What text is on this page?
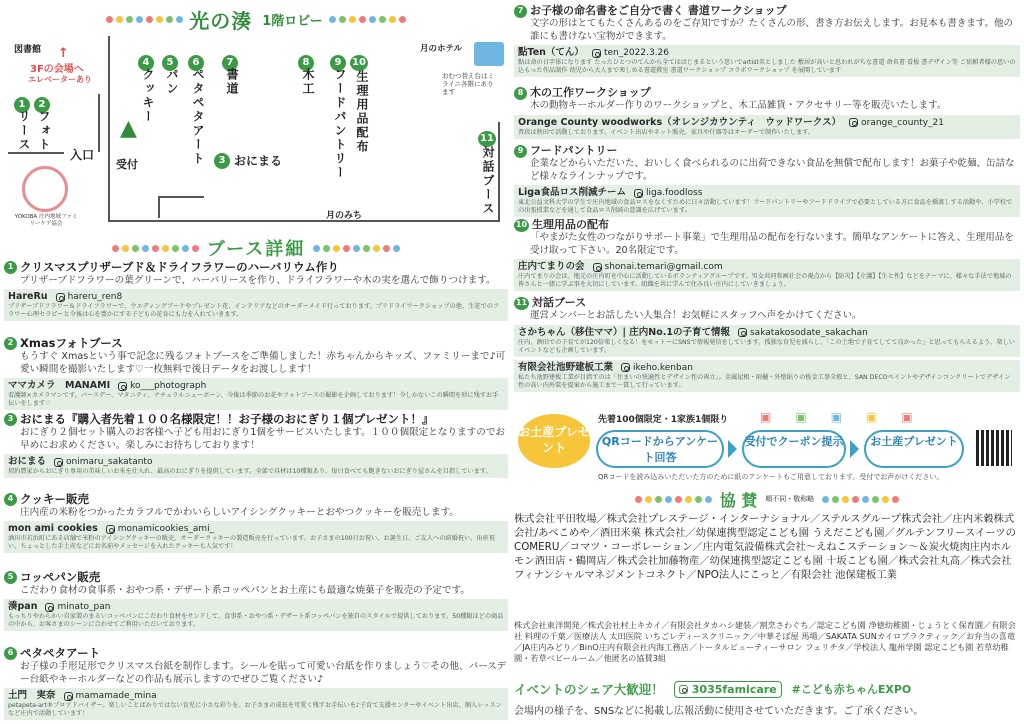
光の湊 1階ロビー
図書館 ↑
3Fの会場へ
エレベーターあり
月のホテル
おむつ替え台はミライニ各階にあります
1
リース
2
フォト
入口
4
クッキー
5
パン
6
ペタペタアート
7
書道
8
木工
9
フードパントリー
10
生理用品配布
3 おにまる
11
対話ブース
受付
月のみち
▲
YOKOBA 庄内地域ファミリーケア協会
ブース詳細
1 クリスマスプリザーブド＆ドライフラワーのハーバリウム作り
プリザーブドフラワーの葉グリーンで、ハーバリースを作り、ドライフラワーや木の実を選んで飾りつけます。
HareRu hareru_ren8
プリザーブドフラワー＆ドライフラワーで、ウエディングブーケやプレゼント花、インテリアなどのオーダーメイド行っております。プリドライワークショップの他、生花でのフラワー心理セラピーと今後は心を豊かにする子どもの花育にも力を入れていきます。
2 Xmasフォトブース
もうすぐ Xmasという事で記念に残るフォトブースをご準備しました！赤ちゃんからキッズ、ファミリーまで♪可愛い瞬間を撮影いたします♡一枚無料で後日データをお渡しします！
ママカメラ　MANAMI ko___photograph
看護師×カメラマンです。バースデー、マタニティ、ナチュラルニューボーン、今後は季節のお花やフォトブースの撮影を企画しております！今しかないこの瞬間を形に残すお手伝いをします♡
3 おにまる『購入者先着１００名様限定！！お子様のおにぎり１個プレゼント！』
おにぎり２個セット購入のお客様へ子ども用おにぎり1個をサービスいたします。１００個限定となりますのでお早めにお求めください。楽しみにお待ちしております！
おにまる onimaru_sakatanto
契約農家からおにぎり専用の美味しいお米を仕入れ、最高のおにぎりを提供しています。全部で具材は10種類あり、毎日食べても飽きないおにぎり屋さんを目指しています。
4 クッキー販売
庄内産の米粉をつかったカラフルでかわいらしいアイシングクッキーとおやつクッキーを販売します。
mon ami cookies monamicookies_ami_
酒田市若浜町にある店舗で米粉のアイシングクッキーの販売、オーダークッキーの製造販売を行っています。お子さまの100日お祝い、お誕生日、ご友人への結婚祝い、出産祝い、ちょっとした手土産などにお名前やメッセージを入れたクッキーも人気です！
5 コッペパン販売
こだわり食材の食事系・おやつ系・デザート系コッペパンとお土産にも最適な焼菓子を販売の予定です。
湊pan minato_pan
もっちりやわらかい自家製のまるいコッペパンにこだわり食材をサンドして、食事系・おやつ系・デザート系コッペパンを独自のスタイルで提供しております。50種類ほどの商品の中から、お客さまのシーンに合わせてご利用いただいております。
6 ペタペタアート
お子様の手形足形でクリスマス台紙を制作します。シールを貼って可愛い台紙を作りましょう♡その他、バースデー台紙やキーホルダーなどの作品も展示しますのでぜひご覧ください♪
土門　実奈 mamamade_mina
petapeta-art®プロアドバイザー。楽しいことばかりではない育児に小さな彩りを。お子さまの成長を可愛く残すお手伝いを♪子育て支援センターやイベント出店、個人レッスンなど庄内で活動しています！
7 お子様の命名書をご自分で書く 書道ワークショップ
文字の形はとてもたくさんあるのをご存知ですか？たくさんの形、書き方お伝えします。お見本も書きます。他の誰にも書けない宝物ができます。
點Ten（てん） ten_2022.3.26
點は命の日字体になります たったひとつのてんから全てははじまるという思いでartist名としました 敷居が高いと思われがちな書道 命名書 看板 書デザイン等 ご依頼者様の思いの込もった作品制作 幼児から大人まで楽しめる書道教室 書道ワークショップ コラボワークショップ を展開しています
8 木の工作ワークショップ
木の動物キーホルダー作りのワークショップと、木工品雑貨・アクセサリー等を販売いたします。
Orange County woodworks（オレンジカウンティ　ウッドワークス） orange_county_21
普段は秋田で活動しております。イベント出店やネット販売、家具や什器等はオーダーで制作いたします。
9 フードパントリー
企業などからいただいた、おいしく食べられるのに出荷できない食品を無償で配布します！お菓子や乾麺、缶詰など様々なラインナップです。
Liga食品ロス削減チーム liga.foodloss
東北公益文科大学の学生で庄内地域の食品ロスをなくすために日々活動しています！フードパントリーやフードドライブで必要としている方に食品を橋渡しする活動や、小学校での出張授業などを通して食品ロス削減の意識を広げています。
10 生理用品の配布
「やまがた女性のつながりサポート事業」で生理用品の配布を行ないます。簡単なアンケートに答え、生理用品を受け取って下さい。20名限定です。
庄内てまりの会 shonai.temari@gmail.com
庄内てまりの会は、地元の庄内町を中心に活動しているボランティアグループです。男女共同参画社会の視点から【防災】【介護】【生と性】などをテーマに、様々な手法で地域の皆さんと一緒に学ぶ事を大切にしています。組織を共に学んで住み良い庄内にしていきましょう。
11 対話ブース
運営メンバーとお話したい人集合！お気軽にスタッフへ声をかけてください。
さかちゃん（移住ママ）| 庄内No.1の子育て情報 sakatakosodate_sakachan
庄内、酒田での子育てが120倍楽しくなる！をモットーにSNSで情報発信をしています。孤独な育児を減らし、「この土地で子育てしてて良かった」と思ってもらえるよう、楽しいイベントなども企画しています。
有限会社池野建板工業 ikeho.kenban
私たち池野建板工業が目指すのは「住まいの快適性とデザイン性の両立」。金属屋根・雨樋・外壁貼りの板金工事全般と、SAN DECOペイントやデザインコンクリートでデザイン性の高い内外装を提案から施工まで一貫して行っています。
お土産プレゼント
先着100個限定・1家族1個限り	▣ ▣ ▣ ▣ ▣
QRコードからアンケート回答
受付でクーポン提示	お土産プレゼント
QRコードを読み込みいただいた方のために紙のアンケートもご用意しております。受付でお声がけください。
協 賛 順不同・敬称略
株式会社平田牧場／株式会社プレステージ・インターナショナル／ステルスグループ株式会社／庄内米穀株式会社/あべこめや／酒田米菓 株式会社／幼保連携型認定こども園 うえだこども園／グルテンフリースイーツのCOMERU／コマツ・コーポレーション／庄内電気設備株式会社〜えねこステーション〜＆炭火焼肉庄内ホルモン酒田店・鶴岡店／株式会社加藤物産／幼保連携型認定こども園 十坂こども園／株式会社丸高／株式会社フィナンシャルマネジメントコネクト／NPO法人にこっと／有限会社 池保建板工業
株式会社東洋開発／株式会社村上キカイ／有限会社タカハシ建装／割烹さわぐち／認定こども園 浄徳幼稚園・じょうとく保育園／有限会社 料理の千葉／医療法人 太田医院 いちごレディースクリニック／中華そば屋 馬場／SAKATA SUNカイロプラクティック／お弁当の喜竜／JA庄内みどり／BinO庄内有限会社内海工務店／トータルビューティーサロン フェリチタ／学校法人 龍州学園 認定こども園 若草幼稚園・若草ベビールーム／他匿名の協賛3組
イベントのシェア大歓迎！	3035famicare #こども赤ちゃんEXPO
会場内の様子を、SNSなどに掲載し広報活動に使用させていただきます。ご了承ください。
